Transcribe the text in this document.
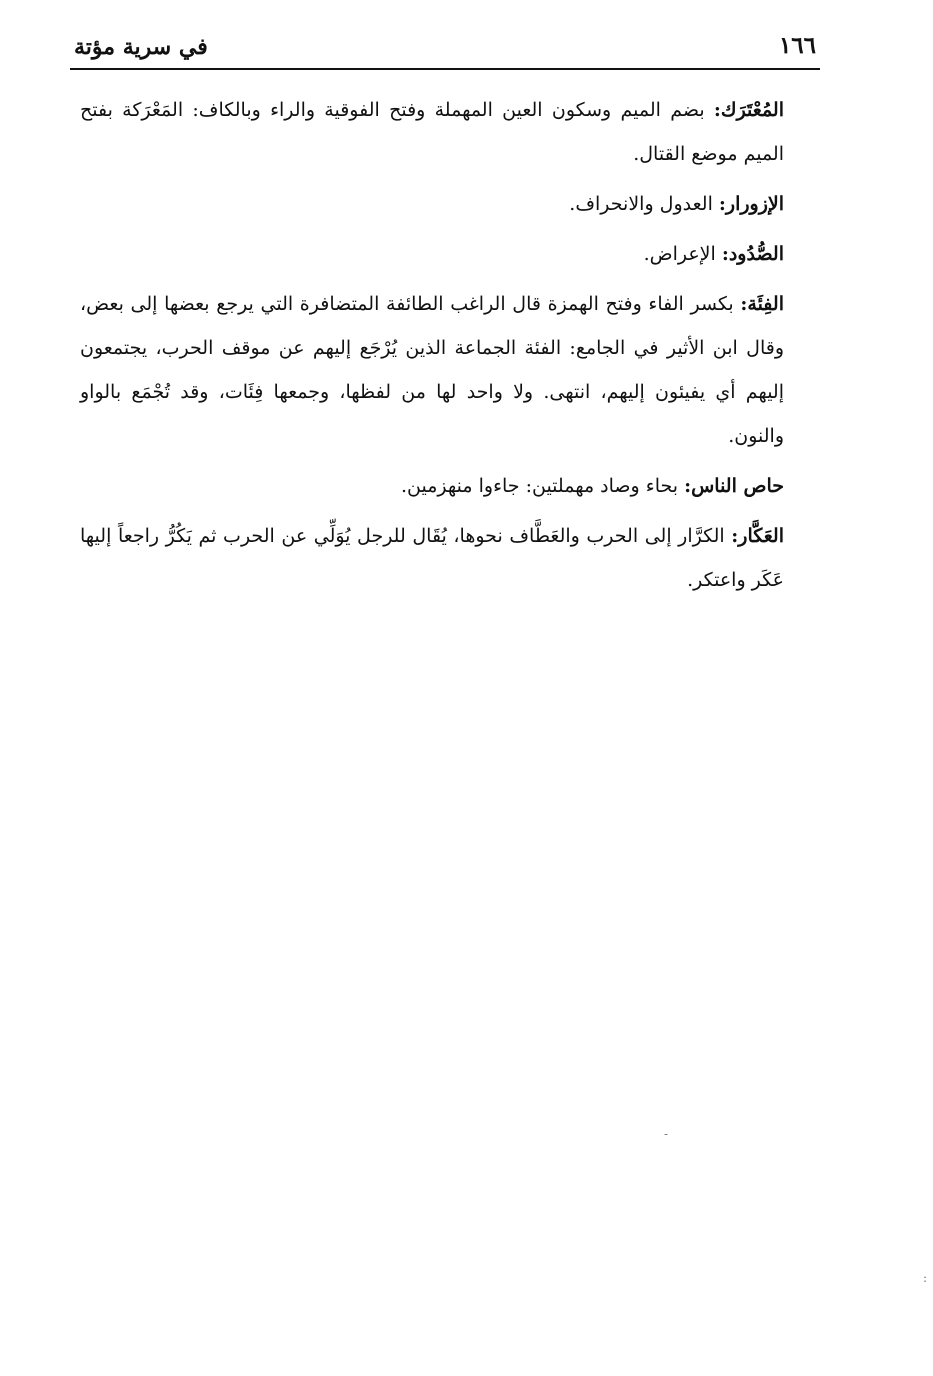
في سرية مؤتة	١٦٦

المُعْتَرَك: بضم الميم وسكون العين المهملة وفتح الفوقية والراء وبالكاف: المَعْرَكة بفتح الميم موضع القتال.

الإزورار: العدول والانحراف.

الصُّدُود: الإعراض.

الفِئَة: بكسر الفاء وفتح الهمزة قال الراغب الطائفة المتضافرة التي يرجع بعضها إلى بعض، وقال ابن الأثير في الجامع: الفئة الجماعة الذين يُرْجَع إليهم عن موقف الحرب، يجتمعون إليهم أي يفيئون إليهم، انتهى. ولا واحد لها من لفظها، وجمعها فِئَات، وقد تُجْمَع بالواو والنون.

حاص الناس: بحاء وصاد مهملتين: جاءوا منهزمين.

العَكَّار: الكرَّار إلى الحرب والعَطَّاف نحوها، يُقَال للرجل يُوَلِّي عن الحرب ثم يَكُرُّ راجعاً إليها عَكَر واعتكر.

-
:
